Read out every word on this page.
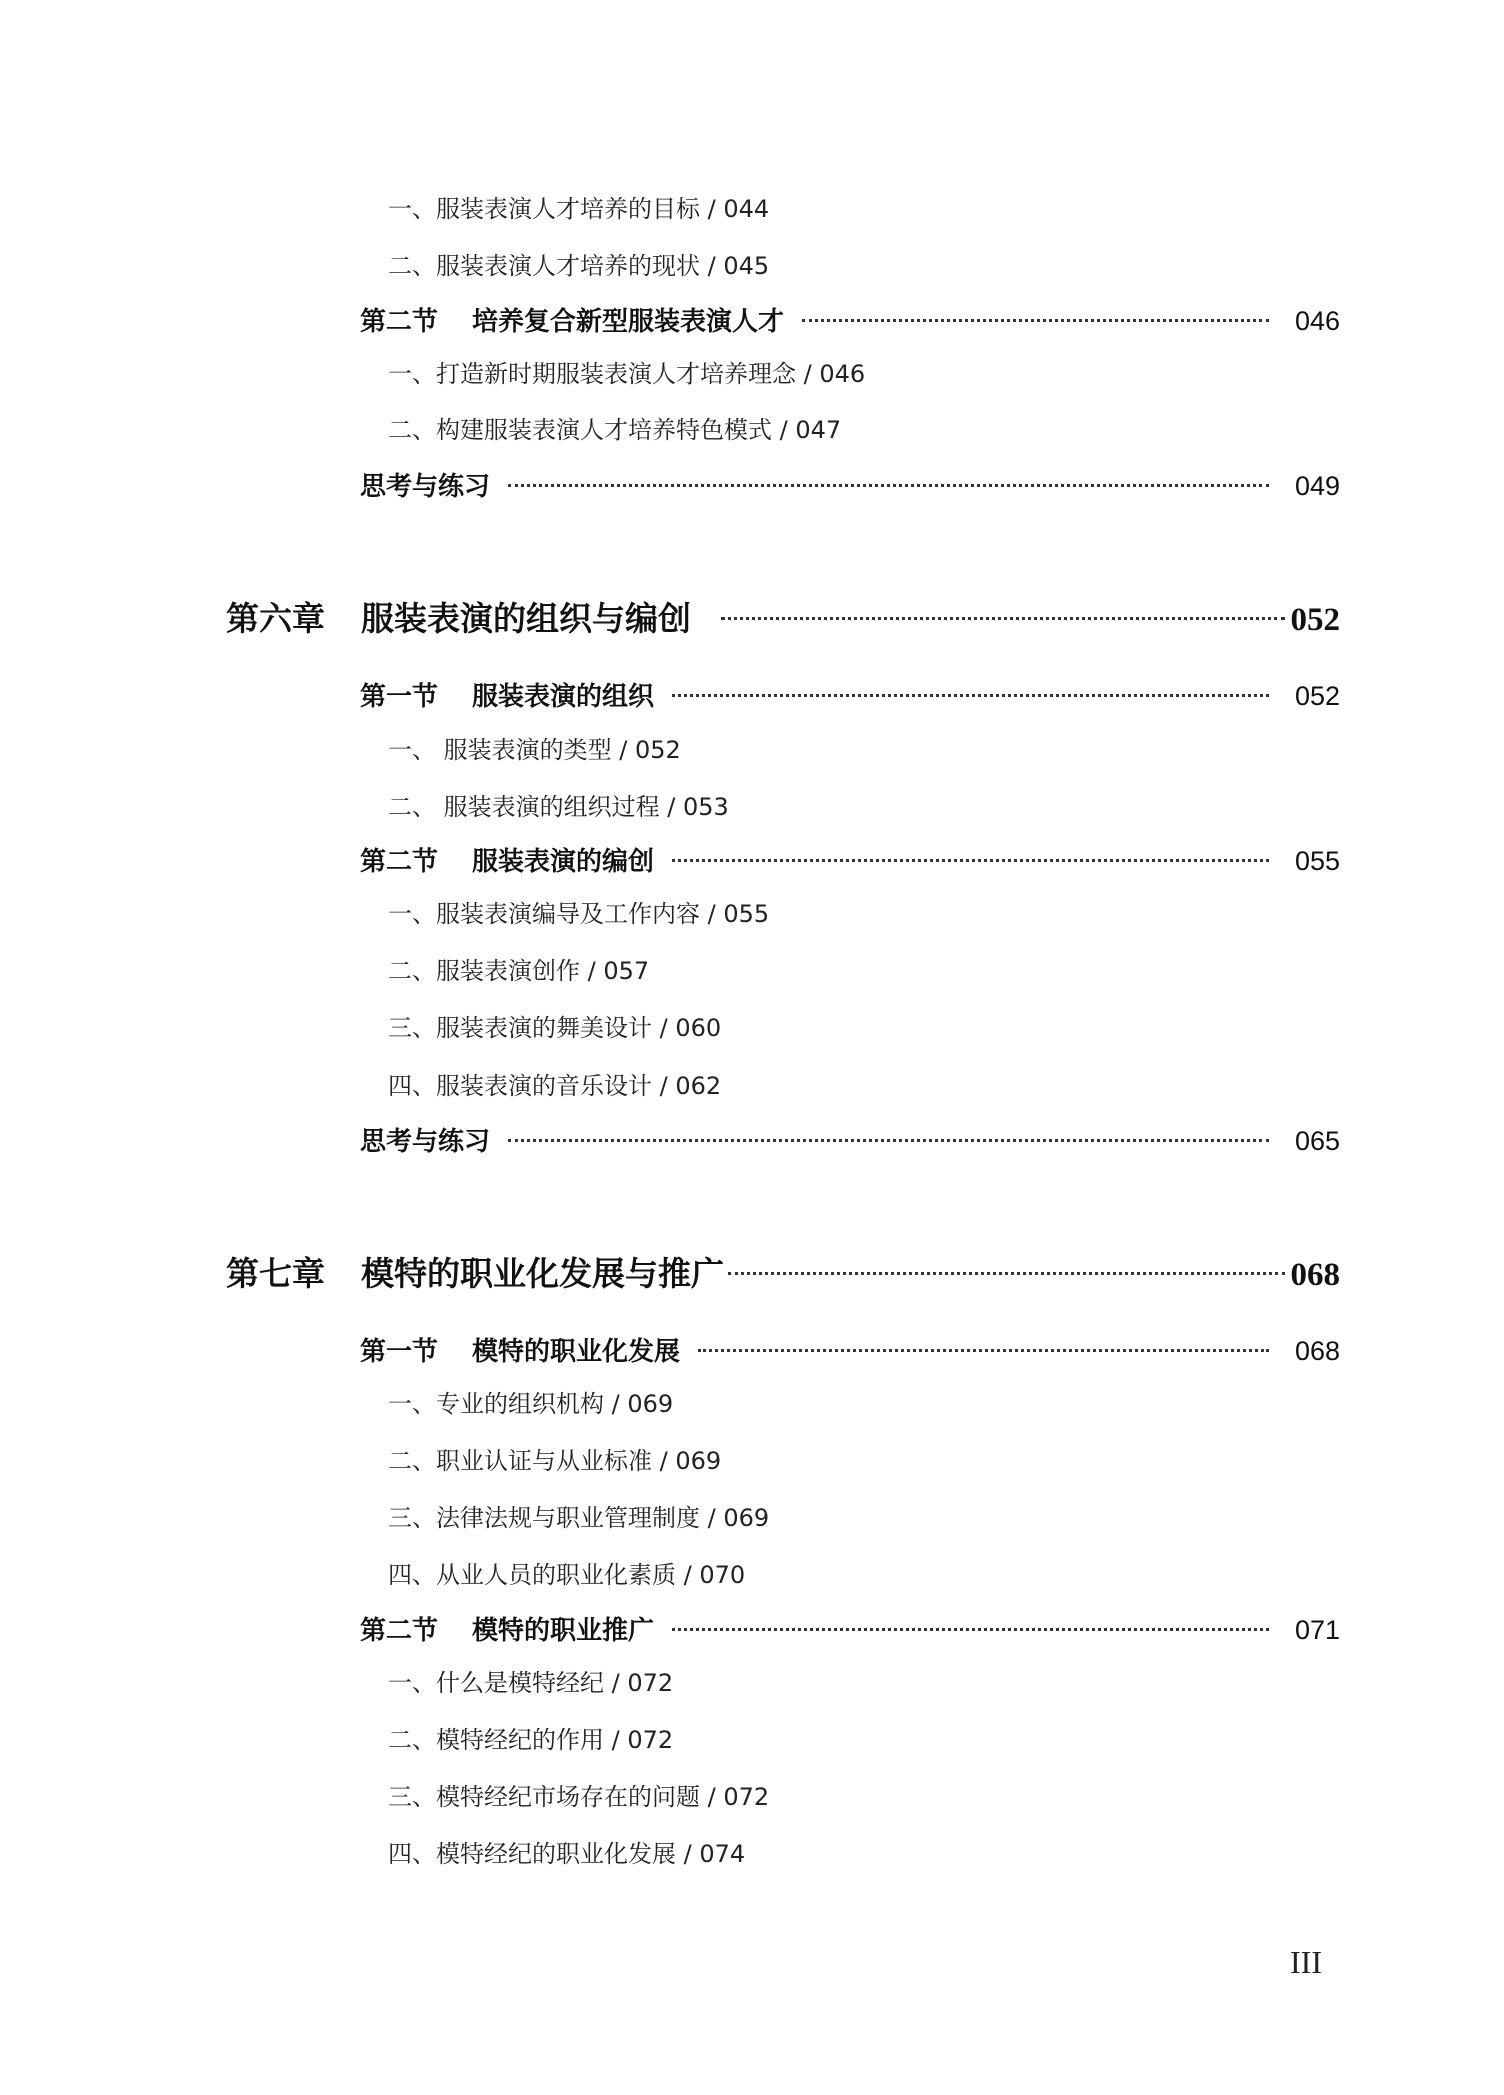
一、服装表演人才培养的目标 / 044
二、服装表演人才培养的现状 / 045
第二节 培养复合新型服装表演人才	046
一、打造新时期服装表演人才培养理念 / 046
二、构建服装表演人才培养特色模式 / 047
思考与练习	049
第六章 服装表演的组织与编创	052
第一节 服装表演的组织	052
一、 服装表演的类型 / 052
二、 服装表演的组织过程 / 053
第二节 服装表演的编创	055
一、服装表演编导及工作内容 / 055
二、服装表演创作 / 057
三、服装表演的舞美设计 / 060
四、服装表演的音乐设计 / 062
思考与练习	065
第七章 模特的职业化发展与推广	068
第一节 模特的职业化发展	068
一、专业的组织机构 / 069
二、职业认证与从业标准 / 069
三、法律法规与职业管理制度 / 069
四、从业人员的职业化素质 / 070
第二节 模特的职业推广	071
一、什么是模特经纪 / 072
二、模特经纪的作用 / 072
三、模特经纪市场存在的问题 / 072
四、模特经纪的职业化发展 / 074
III
